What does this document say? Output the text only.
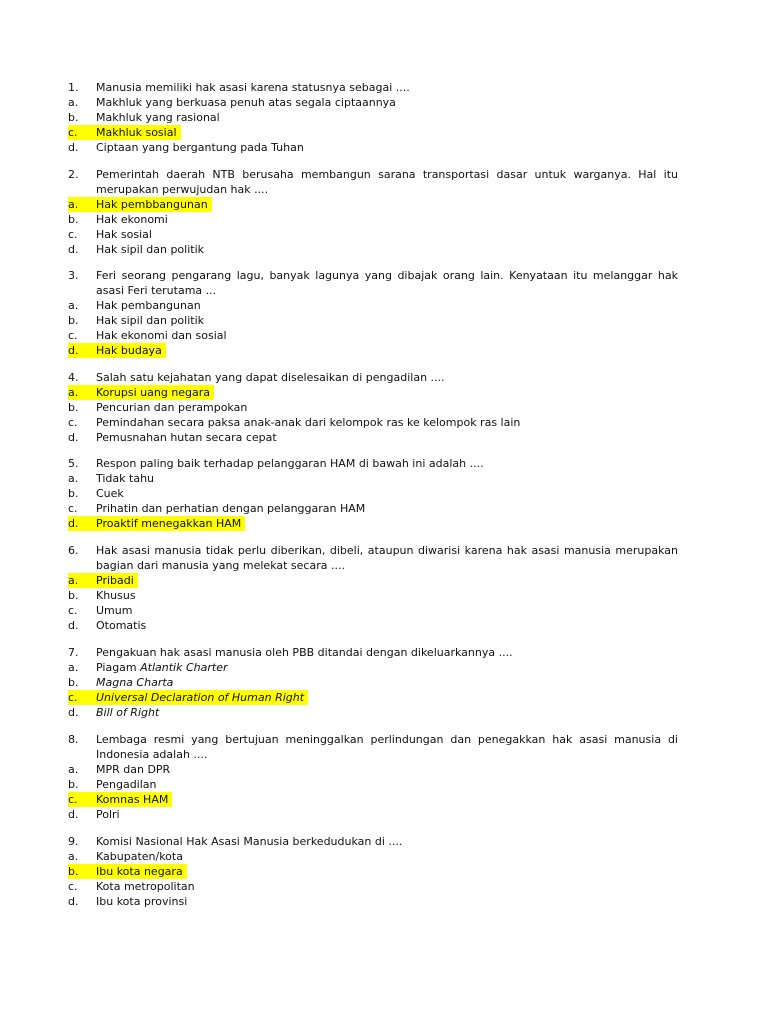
1.	Manusia memiliki hak asasi karena statusnya sebagai ....
a. Makhluk yang berkuasa penuh atas segala ciptaannya
b. Makhluk yang rasional
c. Makhluk sosial
d. Ciptaan yang bergantung pada Tuhan
2.	Pemerintah daerah NTB berusaha membangun sarana transportasi dasar untuk warganya. Hal itu merupakan perwujudan hak ....
a. Hak pembbangunan
b. Hak ekonomi
c. Hak sosial
d. Hak sipil dan politik
3.	Feri seorang pengarang lagu, banyak lagunya yang dibajak orang lain. Kenyataan itu melanggar hak asasi Feri terutama ...
a. Hak pembangunan
b. Hak sipil dan politik
c. Hak ekonomi dan sosial
d. Hak budaya
4.	Salah satu kejahatan yang dapat diselesaikan di pengadilan ....
a. Korupsi uang negara
b. Pencurian dan perampokan
c. Pemindahan secara paksa anak-anak dari kelompok ras ke kelompok ras lain
d. Pemusnahan hutan secara cepat
5.	Respon paling baik terhadap pelanggaran HAM di bawah ini adalah ....
a. Tidak tahu
b. Cuek
c. Prihatin dan perhatian dengan pelanggaran HAM
d. Proaktif menegakkan HAM
6.	Hak asasi manusia tidak perlu diberikan, dibeli, ataupun diwarisi karena hak asasi manusia merupakan bagian dari manusia yang melekat secara ....
a. Pribadi
b. Khusus
c. Umum
d. Otomatis
7.	Pengakuan hak asasi manusia oleh PBB ditandai dengan dikeluarkannya ....
a. Piagam Atlantik Charter
b. Magna Charta
c. Universal Declaration of Human Right
d. Bill of Right
8.	Lembaga resmi yang bertujuan meninggalkan perlindungan dan penegakkan hak asasi manusia di Indonesia adalah ....
a. MPR dan DPR
b. Pengadilan
c. Komnas HAM
d. Polri
9.	Komisi Nasional Hak Asasi Manusia berkedudukan di ....
a. Kabupaten/kota
b. Ibu kota negara
c. Kota metropolitan
d. Ibu kota provinsi
